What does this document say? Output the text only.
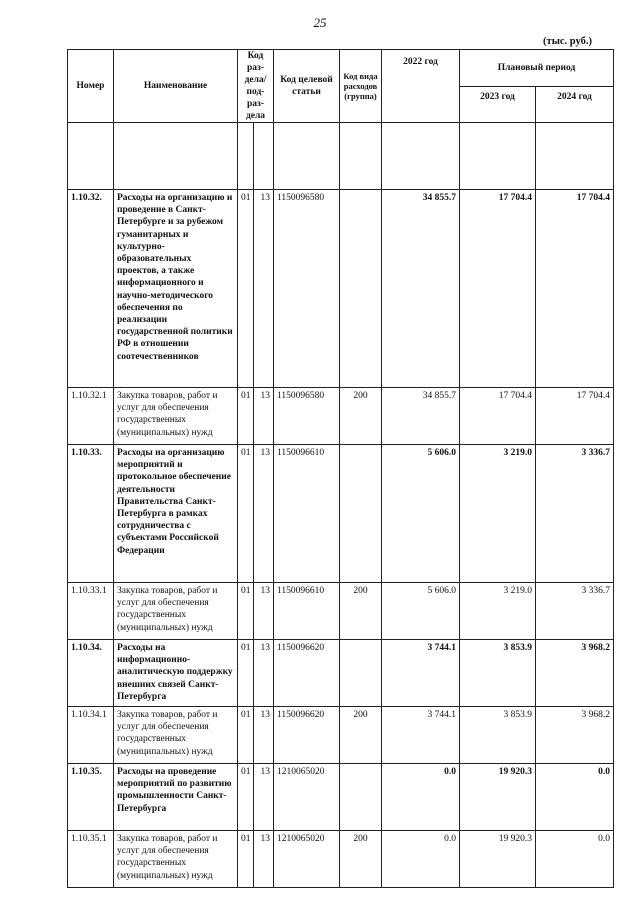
25
(тыс. руб.)
Номер	Наименование	Код раз- дела/ под- раз- дела		Код целевой статьи	Код вида расходов (группа)	2022 год	Плановый период	
							2023 год	2024 год

1.10.32.	Расходы на организацию и проведение в Санкт-Петербурге и за рубежом гуманитарных и культурно-образовательных проектов, а также информационного и научно-методического обеспечения по реализации государственной политики РФ в отношении соотечественников	01	13	1150096580		34 855.7	17 704.4	17 704.4
1.10.32.1	Закупка товаров, работ и услуг для обеспечения государственных (муниципальных) нужд	01	13	1150096580	200	34 855.7	17 704.4	17 704.4
1.10.33.	Расходы на организацию мероприятий и протокольное обеспечение деятельности Правительства Санкт-Петербурга в рамках сотрудничества с субъектами Российской Федерации	01	13	1150096610		5 606.0	3 219.0	3 336.7
1.10.33.1	Закупка товаров, работ и услуг для обеспечения государственных (муниципальных) нужд	01	13	1150096610	200	5 606.0	3 219.0	3 336.7
1.10.34.	Расходы на информационно-аналитическую поддержку внешних связей Санкт-Петербурга	01	13	1150096620		3 744.1	3 853.9	3 968.2
1.10.34.1	Закупка товаров, работ и услуг для обеспечения государственных (муниципальных) нужд	01	13	1150096620	200	3 744.1	3 853.9	3 968.2
1.10.35.	Расходы на проведение мероприятий по развитию промышленности Санкт-Петербурга	01	13	1210065020		0.0	19 920.3	0.0
1.10.35.1	Закупка товаров, работ и услуг для обеспечения государственных (муниципальных) нужд	01	13	1210065020	200	0.0	19 920.3	0.0
